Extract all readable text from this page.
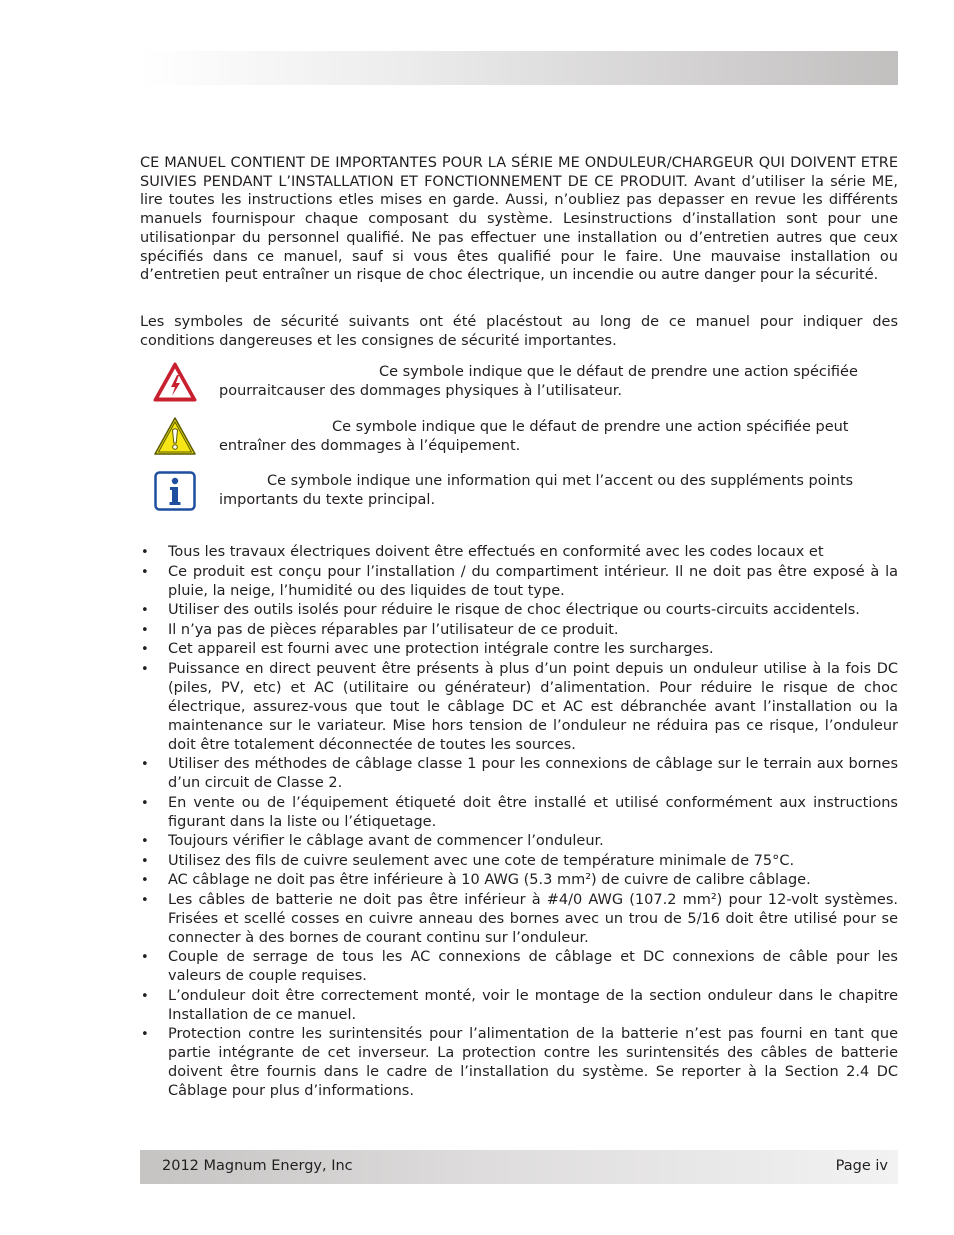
CE MANUEL CONTIENT DE IMPORTANTES POUR LA SÉRIE ME ONDULEUR/CHARGEUR QUI DOIVENT ETRE SUIVIES PENDANT L’INSTALLATION ET FONCTIONNEMENT DE CE PRODUIT. Avant d’utiliser la série ME, lire toutes les instructions etles mises en garde. Aussi, n’oubliez pas depasser en revue les différents manuels fournispour chaque composant du système. Lesinstructions d’installation sont pour une utilisationpar du personnel qualifié. Ne pas effectuer une installation ou d’entretien autres que ceux spécifiés dans ce manuel, sauf si vous êtes qualifié pour le faire. Une mauvaise installation ou d’entretien peut entraîner un risque de choc électrique, un incendie ou autre danger pour la sécurité.

Les symboles de sécurité suivants ont été placéstout au long de ce manuel pour indiquer des conditions dangereuses et les consignes de sécurité importantes.

Ce symbole indique que le défaut de prendre une action spécifiée pourraitcauser des dommages physiques à l’utilisateur.

Ce symbole indique que le défaut de prendre une action spécifiée peut entraîner des dommages à l’équipement.

Ce symbole indique une information qui met l’accent ou des suppléments points importants du texte principal.

• Tous les travaux électriques doivent être effectués en conformité avec les codes locaux et
• Ce produit est conçu pour l’installation / du compartiment intérieur. Il ne doit pas être exposé à la pluie, la neige, l’humidité ou des liquides de tout type.
• Utiliser des outils isolés pour réduire le risque de choc électrique ou courts-circuits accidentels.
• Il n’ya pas de pièces réparables par l’utilisateur de ce produit.
• Cet appareil est fourni avec une protection intégrale contre les surcharges.
• Puissance en direct peuvent être présents à plus d’un point depuis un onduleur utilise à la fois DC (piles, PV, etc) et AC (utilitaire ou générateur) d’alimentation. Pour réduire le risque de choc électrique, assurez-vous que tout le câblage DC et AC est débranchée avant l’installation ou la maintenance sur le variateur. Mise hors tension de l’onduleur ne réduira pas ce risque, l’onduleur doit être totalement déconnectée de toutes les sources.
• Utiliser des méthodes de câblage classe 1 pour les connexions de câblage sur le terrain aux bornes d’un circuit de Classe 2.
• En vente ou de l’équipement étiqueté doit être installé et utilisé conformément aux instructions figurant dans la liste ou l’étiquetage.
• Toujours vérifier le câblage avant de commencer l’onduleur.
• Utilisez des fils de cuivre seulement avec une cote de température minimale de 75°C.
• AC câblage ne doit pas être inférieure à 10 AWG (5.3 mm²) de cuivre de calibre câblage.
• Les câbles de batterie ne doit pas être inférieur à #4/0 AWG (107.2 mm²) pour 12-volt systèmes. Frisées et scellé cosses en cuivre anneau des bornes avec un trou de 5/16 doit être utilisé pour se connecter à des bornes de courant continu sur l’onduleur.
• Couple de serrage de tous les AC connexions de câblage et DC connexions de câble pour les valeurs de couple requises.
• L’onduleur doit être correctement monté, voir le montage de la section onduleur dans le chapitre Installation de ce manuel.
• Protection contre les surintensités pour l’alimentation de la batterie n’est pas fourni en tant que partie intégrante de cet inverseur. La protection contre les surintensités des câbles de batterie doivent être fournis dans le cadre de l’installation du système. Se reporter à la Section 2.4 DC Câblage pour plus d’informations.
2012 Magnum Energy, Inc	Page iv
